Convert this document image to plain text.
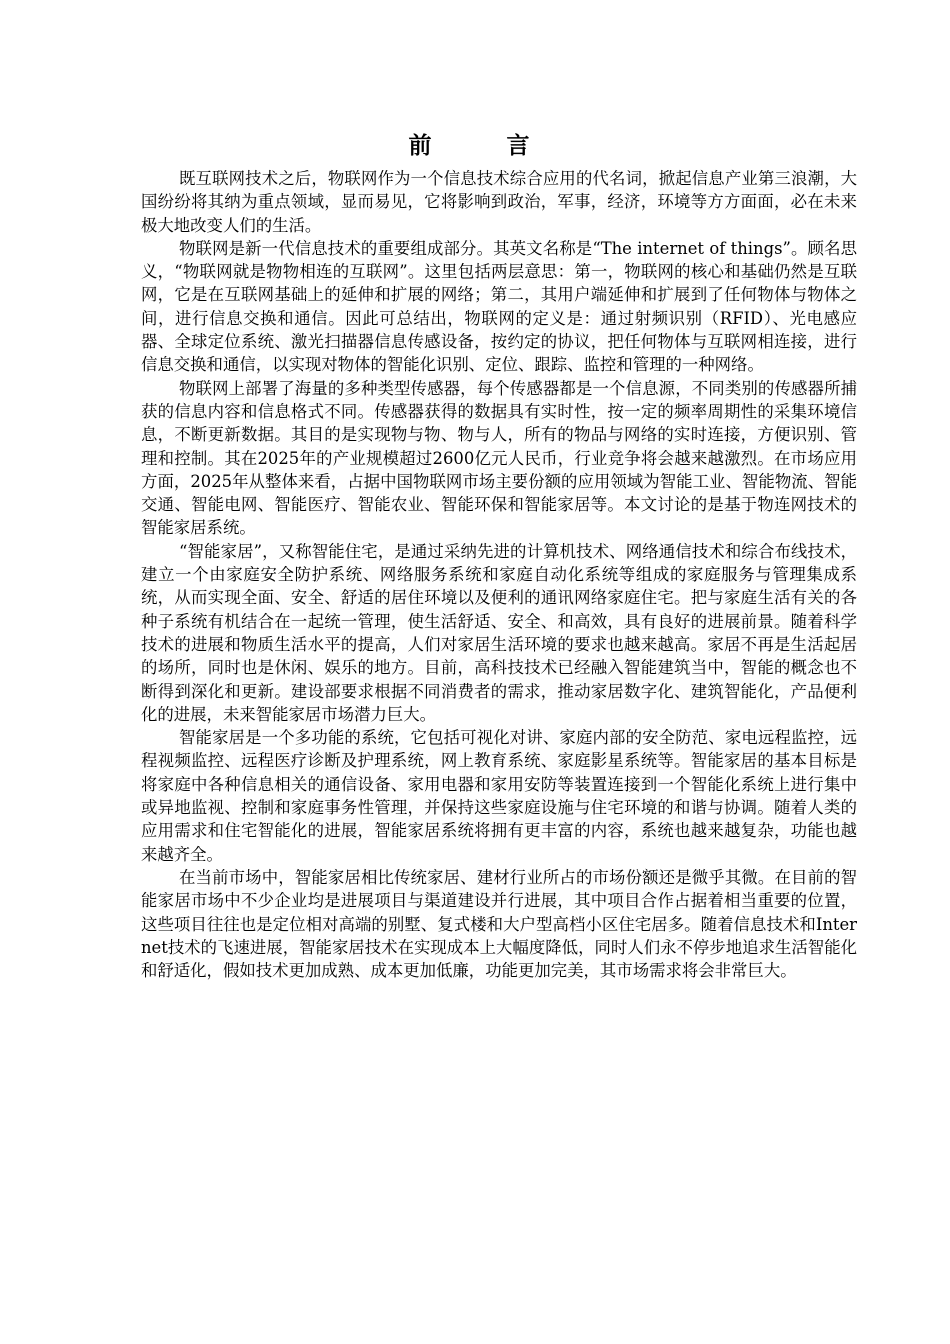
前　言

既互联网技术之后，物联网作为一个信息技术综合应用的代名词，掀起信息产业第三浪潮，大国纷纷将其纳为重点领域，显而易见，它将影响到政治，军事，经济，环境等方方面面，必在未来极大地改变人们的生活。

物联网是新一代信息技术的重要组成部分。其英文名称是“The internet of things”。顾名思义，“物联网就是物物相连的互联网”。这里包括两层意思：第一，物联网的核心和基础仍然是互联网，它是在互联网基础上的延伸和扩展的网络；第二，其用户端延伸和扩展到了任何物体与物体之间，进行信息交换和通信。因此可总结出，物联网的定义是：通过射频识别（RFID）、光电感应器、全球定位系统、激光扫描器信息传感设备，按约定的协议，把任何物体与互联网相连接，进行信息交换和通信，以实现对物体的智能化识别、定位、跟踪、监控和管理的一种网络。

物联网上部署了海量的多种类型传感器，每个传感器都是一个信息源，不同类别的传感器所捕获的信息内容和信息格式不同。传感器获得的数据具有实时性，按一定的频率周期性的采集环境信息，不断更新数据。其目的是实现物与物、物与人，所有的物品与网络的实时连接，方便识别、管理和控制。其在2025年的产业规模超过2600亿元人民币，行业竞争将会越来越激烈。在市场应用方面，2025年从整体来看，占据中国物联网市场主要份额的应用领域为智能工业、智能物流、智能交通、智能电网、智能医疗、智能农业、智能环保和智能家居等。本文讨论的是基于物连网技术的智能家居系统。

“智能家居”，又称智能住宅，是通过采纳先进的计算机技术、网络通信技术和综合布线技术，建立一个由家庭安全防护系统、网络服务系统和家庭自动化系统等组成的家庭服务与管理集成系统，从而实现全面、安全、舒适的居住环境以及便利的通讯网络家庭住宅。把与家庭生活有关的各种子系统有机结合在一起统一管理，使生活舒适、安全、和高效，具有良好的进展前景。随着科学技术的进展和物质生活水平的提高，人们对家居生活环境的要求也越来越高。家居不再是生活起居的场所，同时也是休闲、娱乐的地方。目前，高科技技术已经融入智能建筑当中，智能的概念也不断得到深化和更新。建设部要求根据不同消费者的需求，推动家居数字化、建筑智能化，产品便利化的进展，未来智能家居市场潜力巨大。

智能家居是一个多功能的系统，它包括可视化对讲、家庭内部的安全防范、家电远程监控，远程视频监控、远程医疗诊断及护理系统，网上教育系统、家庭影星系统等。智能家居的基本目标是将家庭中各种信息相关的通信设备、家用电器和家用安防等装置连接到一个智能化系统上进行集中或异地监视、控制和家庭事务性管理，并保持这些家庭设施与住宅环境的和谐与协调。随着人类的应用需求和住宅智能化的进展，智能家居系统将拥有更丰富的内容，系统也越来越复杂，功能也越来越齐全。

在当前市场中，智能家居相比传统家居、建材行业所占的市场份额还是微乎其微。在目前的智能家居市场中不少企业均是进展项目与渠道建设并行进展，其中项目合作占据着相当重要的位置，这些项目往往也是定位相对高端的别墅、复式楼和大户型高档小区住宅居多。随着信息技术和Internet技术的飞速进展，智能家居技术在实现成本上大幅度降低，同时人们永不停步地追求生活智能化和舒适化，假如技术更加成熟、成本更加低廉，功能更加完美，其市场需求将会非常巨大。
